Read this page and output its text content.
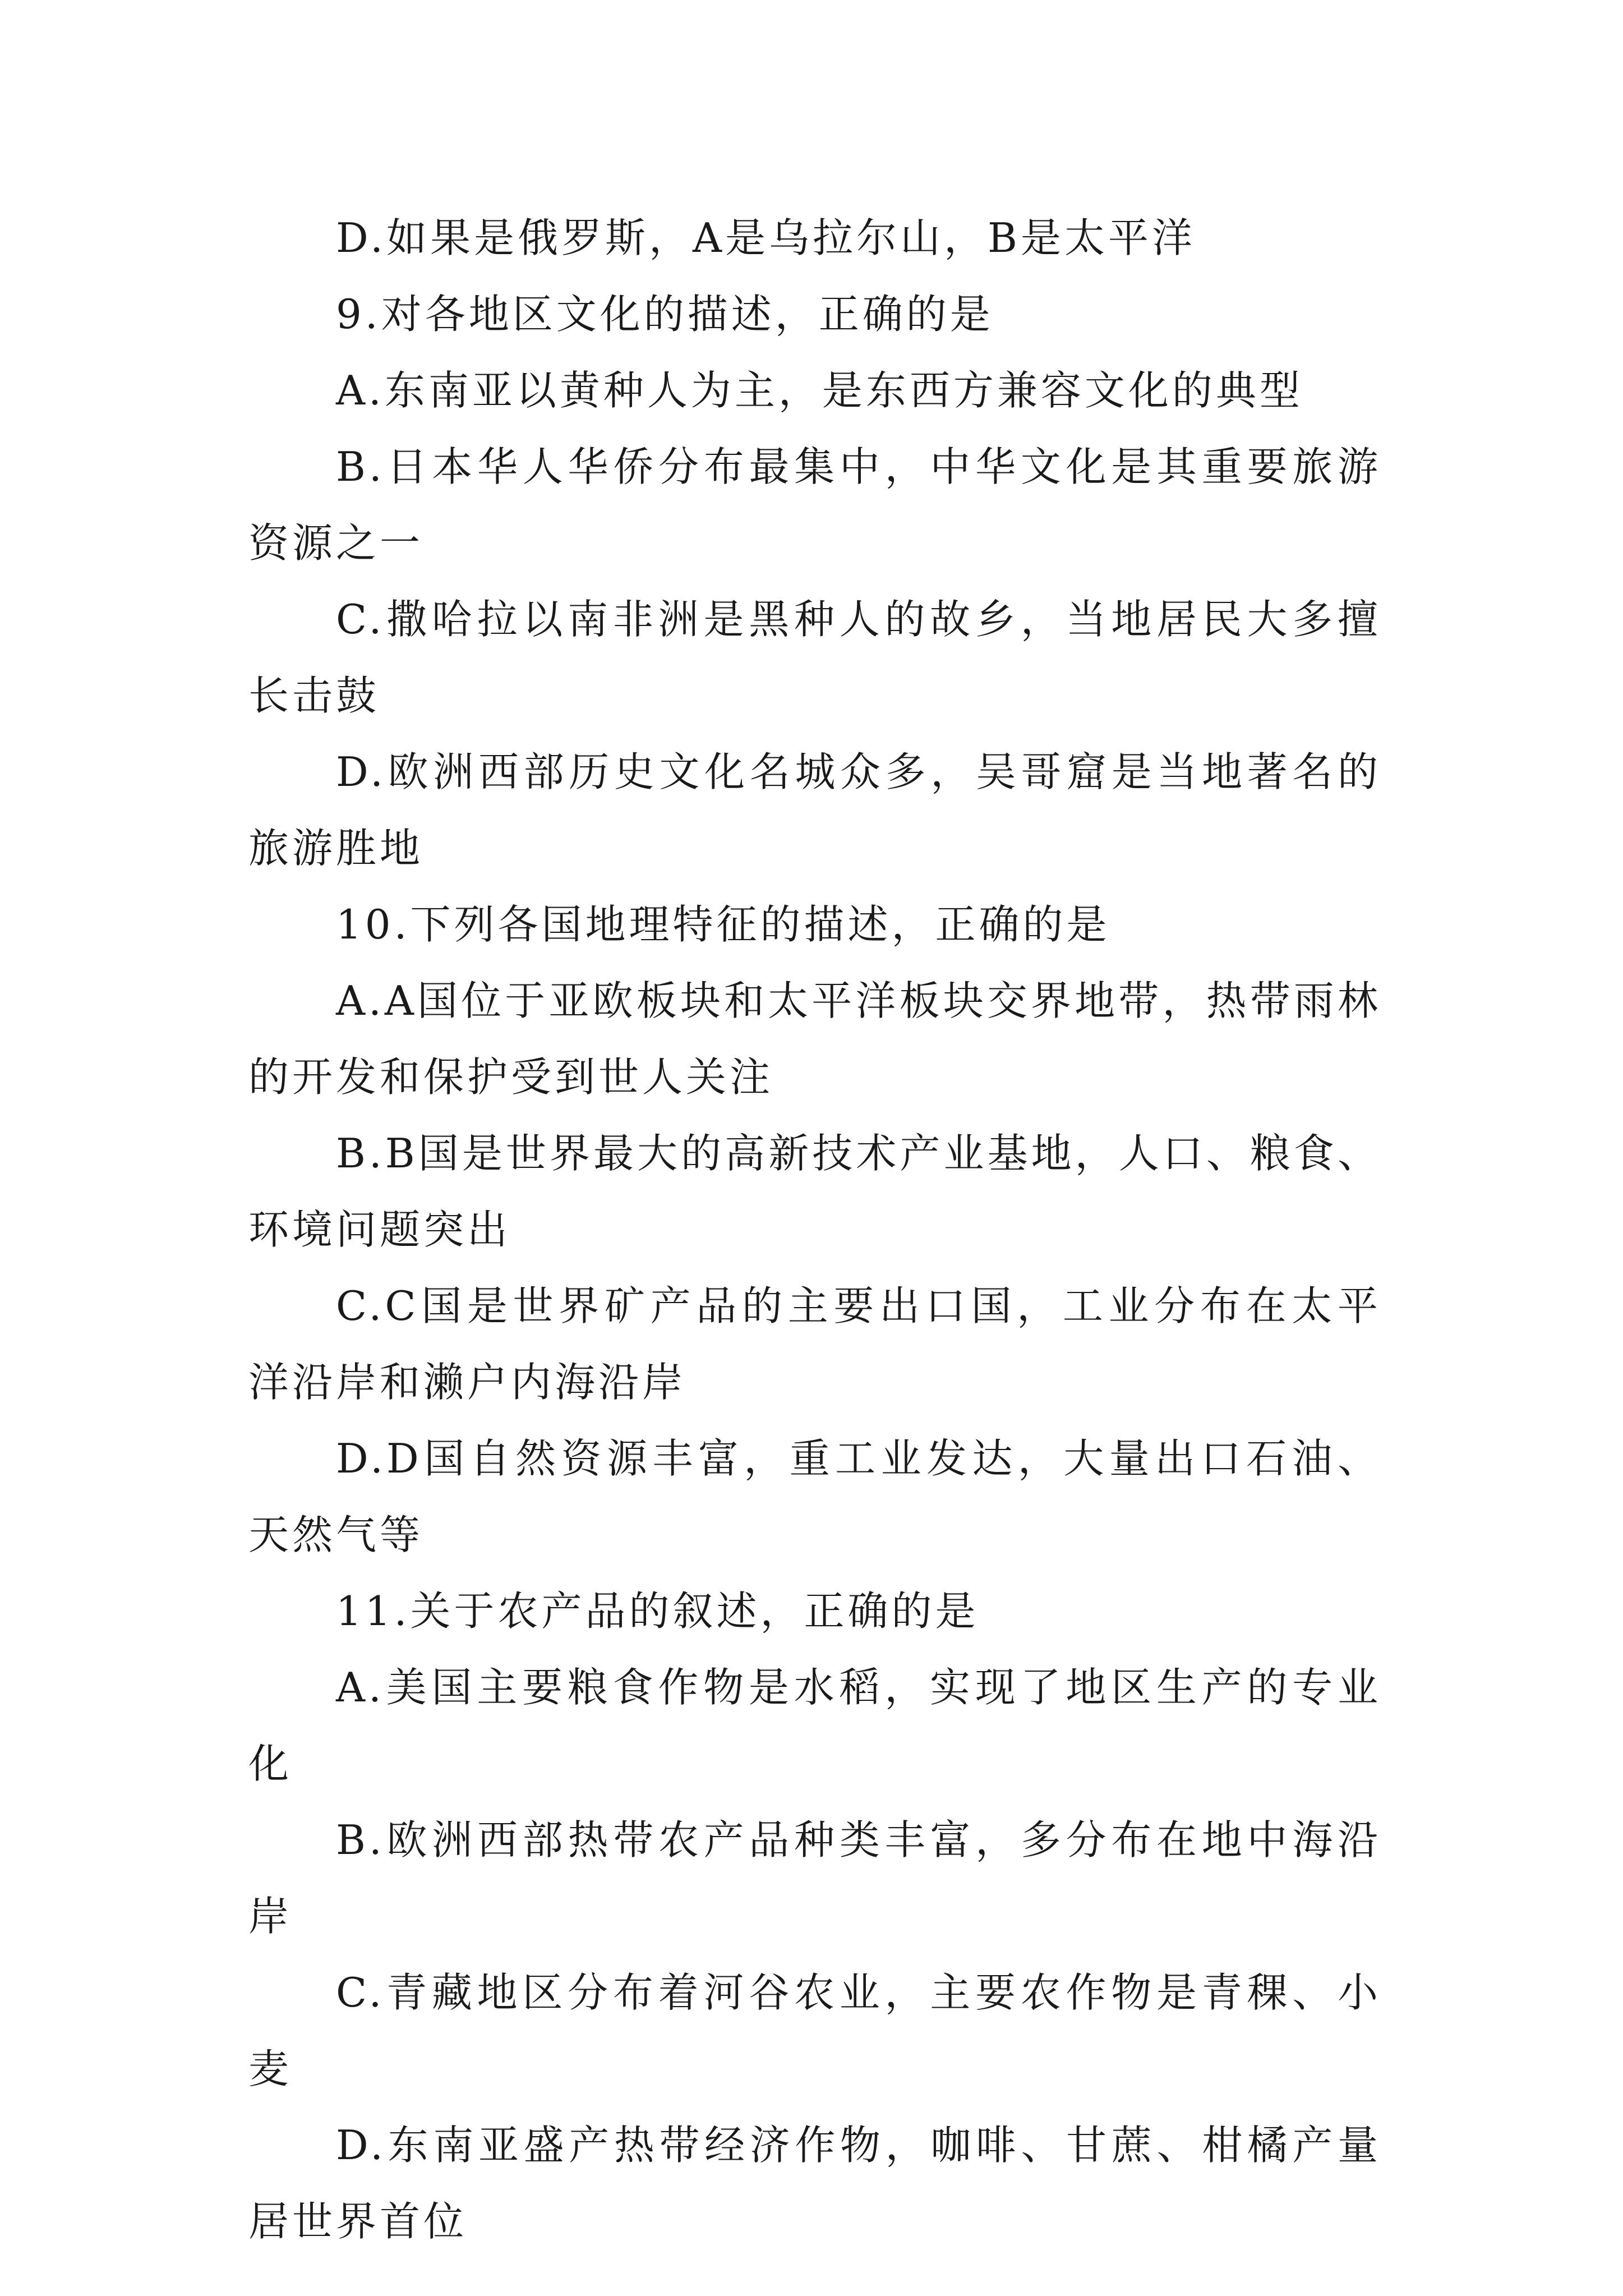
D.如果是俄罗斯，A是乌拉尔山，B是太平洋

9.对各地区文化的描述，正确的是

A.东南亚以黄种人为主，是东西方兼容文化的典型

B.日本华人华侨分布最集中，中华文化是其重要旅游资源之一

C.撒哈拉以南非洲是黑种人的故乡，当地居民大多擅长击鼓

D.欧洲西部历史文化名城众多，吴哥窟是当地著名的旅游胜地

10.下列各国地理特征的描述，正确的是

A.A国位于亚欧板块和太平洋板块交界地带，热带雨林的开发和保护受到世人关注

B.B国是世界最大的高新技术产业基地，人口、粮食、环境问题突出

C.C国是世界矿产品的主要出口国，工业分布在太平洋沿岸和濑户内海沿岸

D.D国自然资源丰富，重工业发达，大量出口石油、天然气等

11.关于农产品的叙述，正确的是

A.美国主要粮食作物是水稻，实现了地区生产的专业化

B.欧洲西部热带农产品种类丰富，多分布在地中海沿岸

C.青藏地区分布着河谷农业，主要农作物是青稞、小麦

D.东南亚盛产热带经济作物，咖啡、甘蔗、柑橘产量居世界首位
